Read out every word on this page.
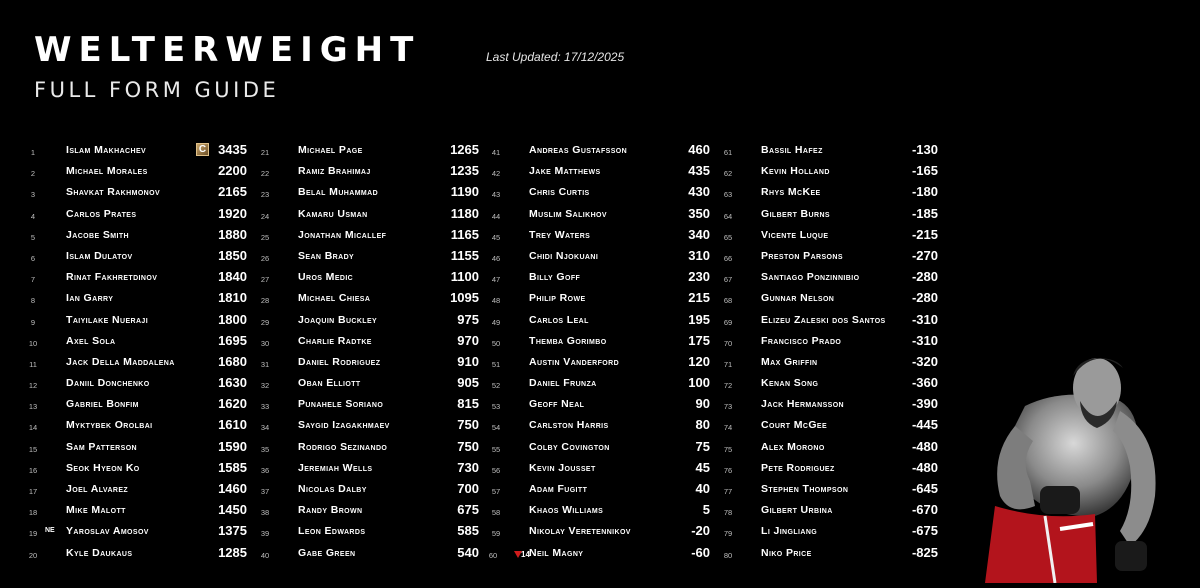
WELTERWEIGHT
FULL FORM GUIDE
Last Updated: 17/12/2025
1	Islam Makhachev	C 3435
2	Michael Morales	2200
3	Shavkat Rakhmonov	2165
4	Carlos Prates	1920
5	Jacobe Smith	1880
6	Islam Dulatov	1850
7	Rinat Fakhretdinov	1840
8	Ian Garry	1810
9	Taiyilake Nueraji	1800
10	Axel Sola	1695
11	Jack Della Maddalena	1680
12	Daniil Donchenko	1630
13	Gabriel Bonfim	1620
14	Myktybek Orolbai	1610
15	Sam Patterson	1590
16	Seok Hyeon Ko	1585
17	Joel Alvarez	1460
18	Mike Malott	1450
19	NE Yaroslav Amosov	1375
20	Kyle Daukaus	1285
21	Michael Page	1265
22	Ramiz Brahimaj	1235
23	Belal Muhammad	1190
24	Kamaru Usman	1180
25	Jonathan Micallef	1165
26	Sean Brady	1155
27	Uros Medic	1100
28	Michael Chiesa	1095
29	Joaquin Buckley	975
30	Charlie Radtke	970
31	Daniel Rodriguez	910
32	Oban Elliott	905
33	Punahele Soriano	815
34	Saygid Izagakhmaev	750
35	Rodrigo Sezinando	750
36	Jeremiah Wells	730
37	Nicolas Dalby	700
38	Randy Brown	675
39	Leon Edwards	585
40	Gabe Green	540
41	Andreas Gustafsson	460
42	Jake Matthews	435
43	Chris Curtis	430
44	Muslim Salikhov	350
45	Trey Waters	340
46	Chidi Njokuani	310
47	Billy Goff	230
48	Philip Rowe	215
49	Carlos Leal	195
50	Themba Gorimbo	175
51	Austin Vanderford	120
52	Daniel Frunza	100
53	Geoff Neal	90
54	Carlston Harris	80
55	Colby Covington	75
56	Kevin Jousset	45
57	Adam Fugitt	40
58	Khaos Williams	5
59	Nikolay Veretennikov	-20
60	14 Neil Magny	-60
61	Bassil Hafez	-130
62	Kevin Holland	-165
63	Rhys McKee	-180
64	Gilbert Burns	-185
65	Vicente Luque	-215
66	Preston Parsons	-270
67	Santiago Ponzinnibio	-280
68	Gunnar Nelson	-280
69	Elizeu Zaleski dos Santos	-310
70	Francisco Prado	-310
71	Max Griffin	-320
72	Kenan Song	-360
73	Jack Hermansson	-390
74	Court McGee	-445
75	Alex Morono	-480
76	Pete Rodriguez	-480
77	Stephen Thompson	-645
78	Gilbert Urbina	-670
79	Li Jingliang	-675
80	Niko Price	-825
